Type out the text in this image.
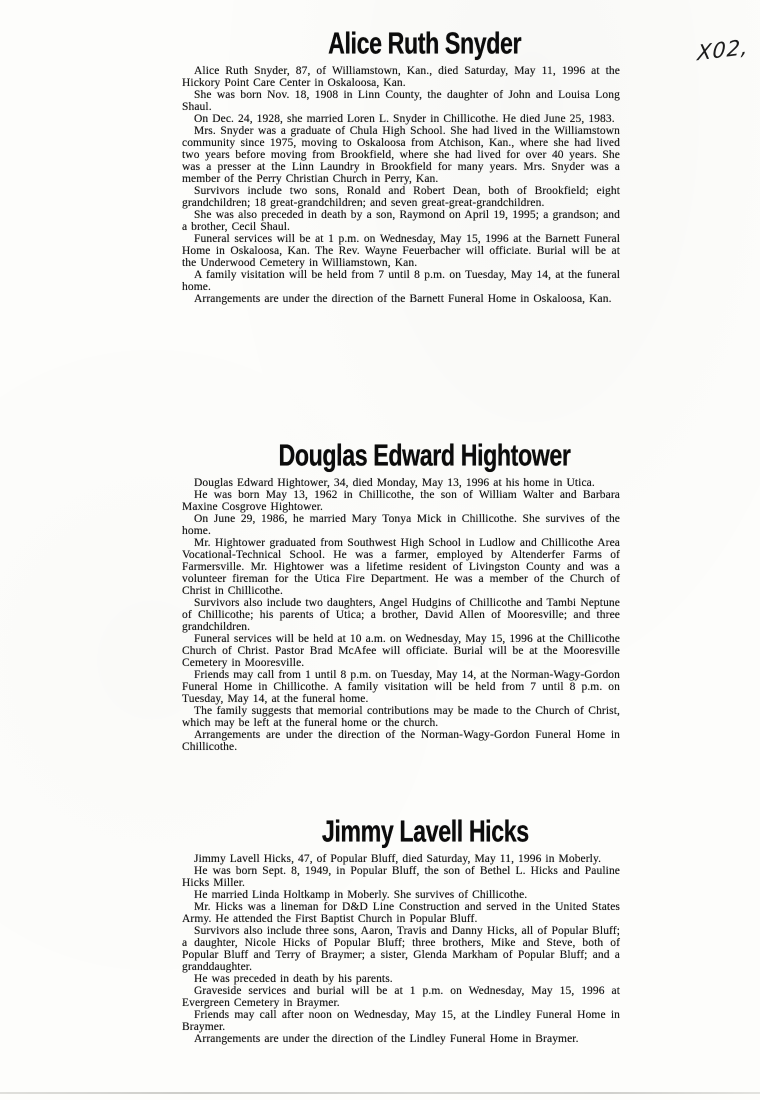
X02,
Alice Ruth Snyder

Alice Ruth Snyder, 87, of Williamstown, Kan., died Saturday, May 11, 1996 at the Hickory Point Care Center in Oskaloosa, Kan.

She was born Nov. 18, 1908 in Linn County, the daughter of John and Louisa Long Shaul.

On Dec. 24, 1928, she married Loren L. Snyder in Chillicothe. He died June 25, 1983.

Mrs. Snyder was a graduate of Chula High School. She had lived in the Williamstown community since 1975, moving to Oskaloosa from Atchison, Kan., where she had lived two years before moving from Brookfield, where she had lived for over 40 years. She was a presser at the Linn Laundry in Brookfield for many years. Mrs. Snyder was a member of the Perry Christian Church in Perry, Kan.

Survivors include two sons, Ronald and Robert Dean, both of Brookfield; eight grandchildren; 18 great-grandchildren; and seven great-great-grandchildren.

She was also preceded in death by a son, Raymond on April 19, 1995; a grandson; and a brother, Cecil Shaul.

Funeral services will be at 1 p.m. on Wednesday, May 15, 1996 at the Barnett Funeral Home in Oskaloosa, Kan. The Rev. Wayne Feuerbacher will officiate. Burial will be at the Underwood Cemetery in Williamstown, Kan.

A family visitation will be held from 7 until 8 p.m. on Tuesday, May 14, at the funeral home.

Arrangements are under the direction of the Barnett Funeral Home in Oskaloosa, Kan.

Douglas Edward Hightower

Douglas Edward Hightower, 34, died Monday, May 13, 1996 at his home in Utica.

He was born May 13, 1962 in Chillicothe, the son of William Walter and Barbara Maxine Cosgrove Hightower.

On June 29, 1986, he married Mary Tonya Mick in Chillicothe. She survives of the home.

Mr. Hightower graduated from Southwest High School in Ludlow and Chillicothe Area Vocational-Technical School. He was a farmer, employed by Altenderfer Farms of Farmersville. Mr. Hightower was a lifetime resident of Livingston County and was a volunteer fireman for the Utica Fire Department. He was a member of the Church of Christ in Chillicothe.

Survivors also include two daughters, Angel Hudgins of Chillicothe and Tambi Neptune of Chillicothe; his parents of Utica; a brother, David Allen of Mooresville; and three grandchildren.

Funeral services will be held at 10 a.m. on Wednesday, May 15, 1996 at the Chillicothe Church of Christ. Pastor Brad McAfee will officiate. Burial will be at the Mooresville Cemetery in Mooresville.

Friends may call from 1 until 8 p.m. on Tuesday, May 14, at the Norman-Wagy-Gordon Funeral Home in Chillicothe. A family visitation will be held from 7 until 8 p.m. on Tuesday, May 14, at the funeral home.

The family suggests that memorial contributions may be made to the Church of Christ, which may be left at the funeral home or the church.

Arrangements are under the direction of the Norman-Wagy-Gordon Funeral Home in Chillicothe.

Jimmy Lavell Hicks

Jimmy Lavell Hicks, 47, of Popular Bluff, died Saturday, May 11, 1996 in Moberly.

He was born Sept. 8, 1949, in Popular Bluff, the son of Bethel L. Hicks and Pauline Hicks Miller.

He married Linda Holtkamp in Moberly. She survives of Chillicothe.

Mr. Hicks was a lineman for D&D Line Construction and served in the United States Army. He attended the First Baptist Church in Popular Bluff.

Survivors also include three sons, Aaron, Travis and Danny Hicks, all of Popular Bluff; a daughter, Nicole Hicks of Popular Bluff; three brothers, Mike and Steve, both of Popular Bluff and Terry of Braymer; a sister, Glenda Markham of Popular Bluff; and a granddaughter.

He was preceded in death by his parents.

Graveside services and burial will be at 1 p.m. on Wednesday, May 15, 1996 at Evergreen Cemetery in Braymer.

Friends may call after noon on Wednesday, May 15, at the Lindley Funeral Home in Braymer.

Arrangements are under the direction of the Lindley Funeral Home in Braymer.
